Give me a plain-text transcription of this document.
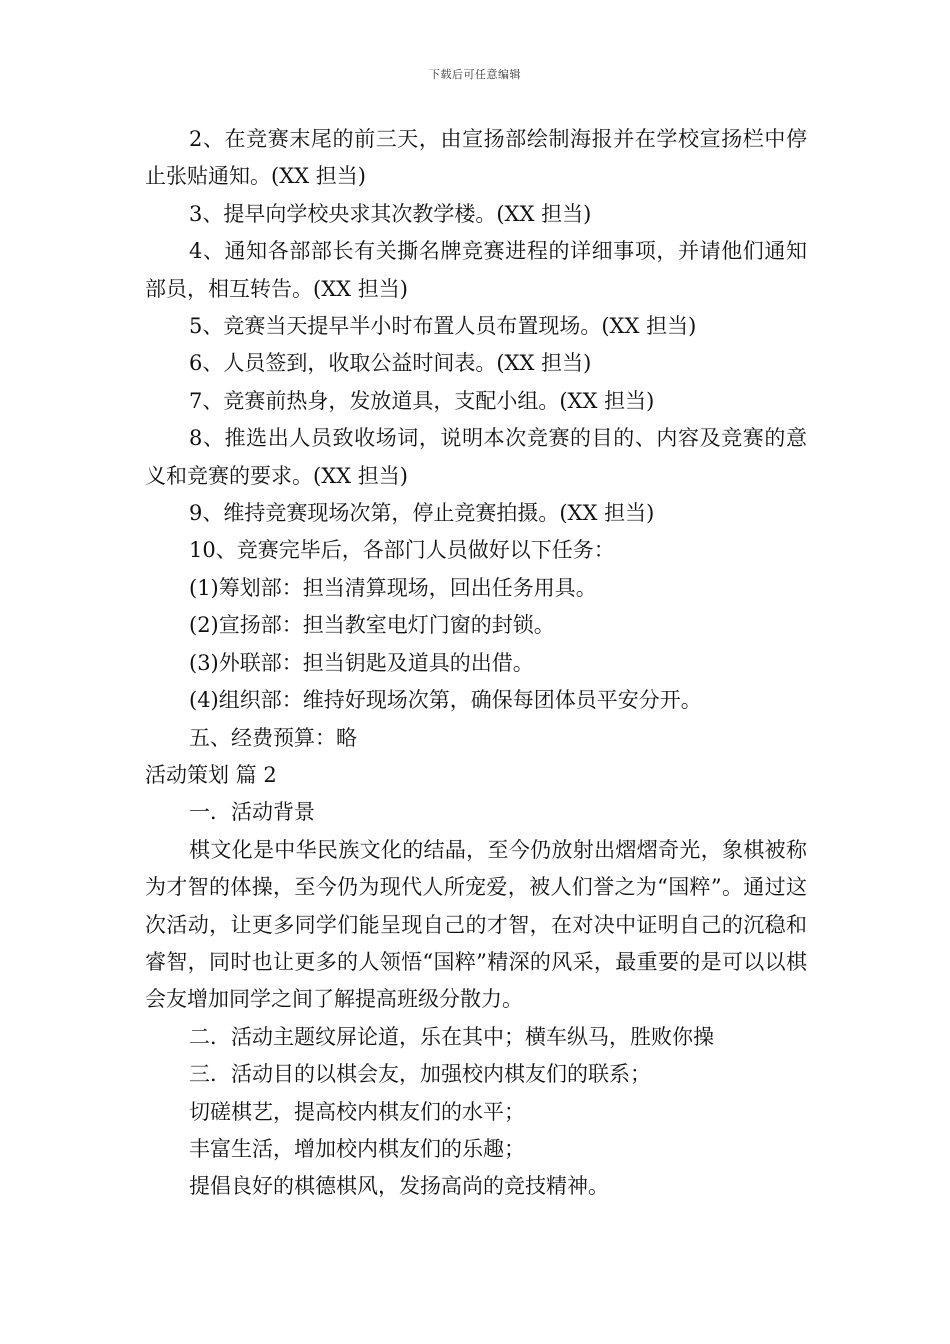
下载后可任意编辑

2、在竞赛末尾的前三天，由宣扬部绘制海报并在学校宣扬栏中停止张贴通知。(XX 担当)

3、提早向学校央求其次教学楼。(XX 担当)

4、通知各部部长有关撕名牌竞赛进程的详细事项，并请他们通知部员，相互转告。(XX 担当)

5、竞赛当天提早半小时布置人员布置现场。(XX 担当)

6、人员签到，收取公益时间表。(XX 担当)

7、竞赛前热身，发放道具，支配小组。(XX 担当)

8、推选出人员致收场词，说明本次竞赛的目的、内容及竞赛的意义和竞赛的要求。(XX 担当)

9、维持竞赛现场次第，停止竞赛拍摄。(XX 担当)

10、竞赛完毕后，各部门人员做好以下任务：

(1)筹划部：担当清算现场，回出任务用具。

(2)宣扬部：担当教室电灯门窗的封锁。

(3)外联部：担当钥匙及道具的出借。

(4)组织部：维持好现场次第，确保每团体员平安分开。

五、经费预算：略

活动策划 篇 2

一．活动背景

棋文化是中华民族文化的结晶，至今仍放射出熠熠奇光，象棋被称为才智的体操，至今仍为现代人所宠爱，被人们誉之为“国粹”。通过这次活动，让更多同学们能呈现自己的才智，在对决中证明自己的沉稳和睿智，同时也让更多的人领悟“国粹”精深的风采，最重要的是可以以棋会友增加同学之间了解提高班级分散力。

二．活动主题纹屏论道，乐在其中；横车纵马，胜败你操

三．活动目的以棋会友，加强校内棋友们的联系；

切磋棋艺，提高校内棋友们的水平；

丰富生活，增加校内棋友们的乐趣；

提倡良好的棋德棋风，发扬高尚的竞技精神。
